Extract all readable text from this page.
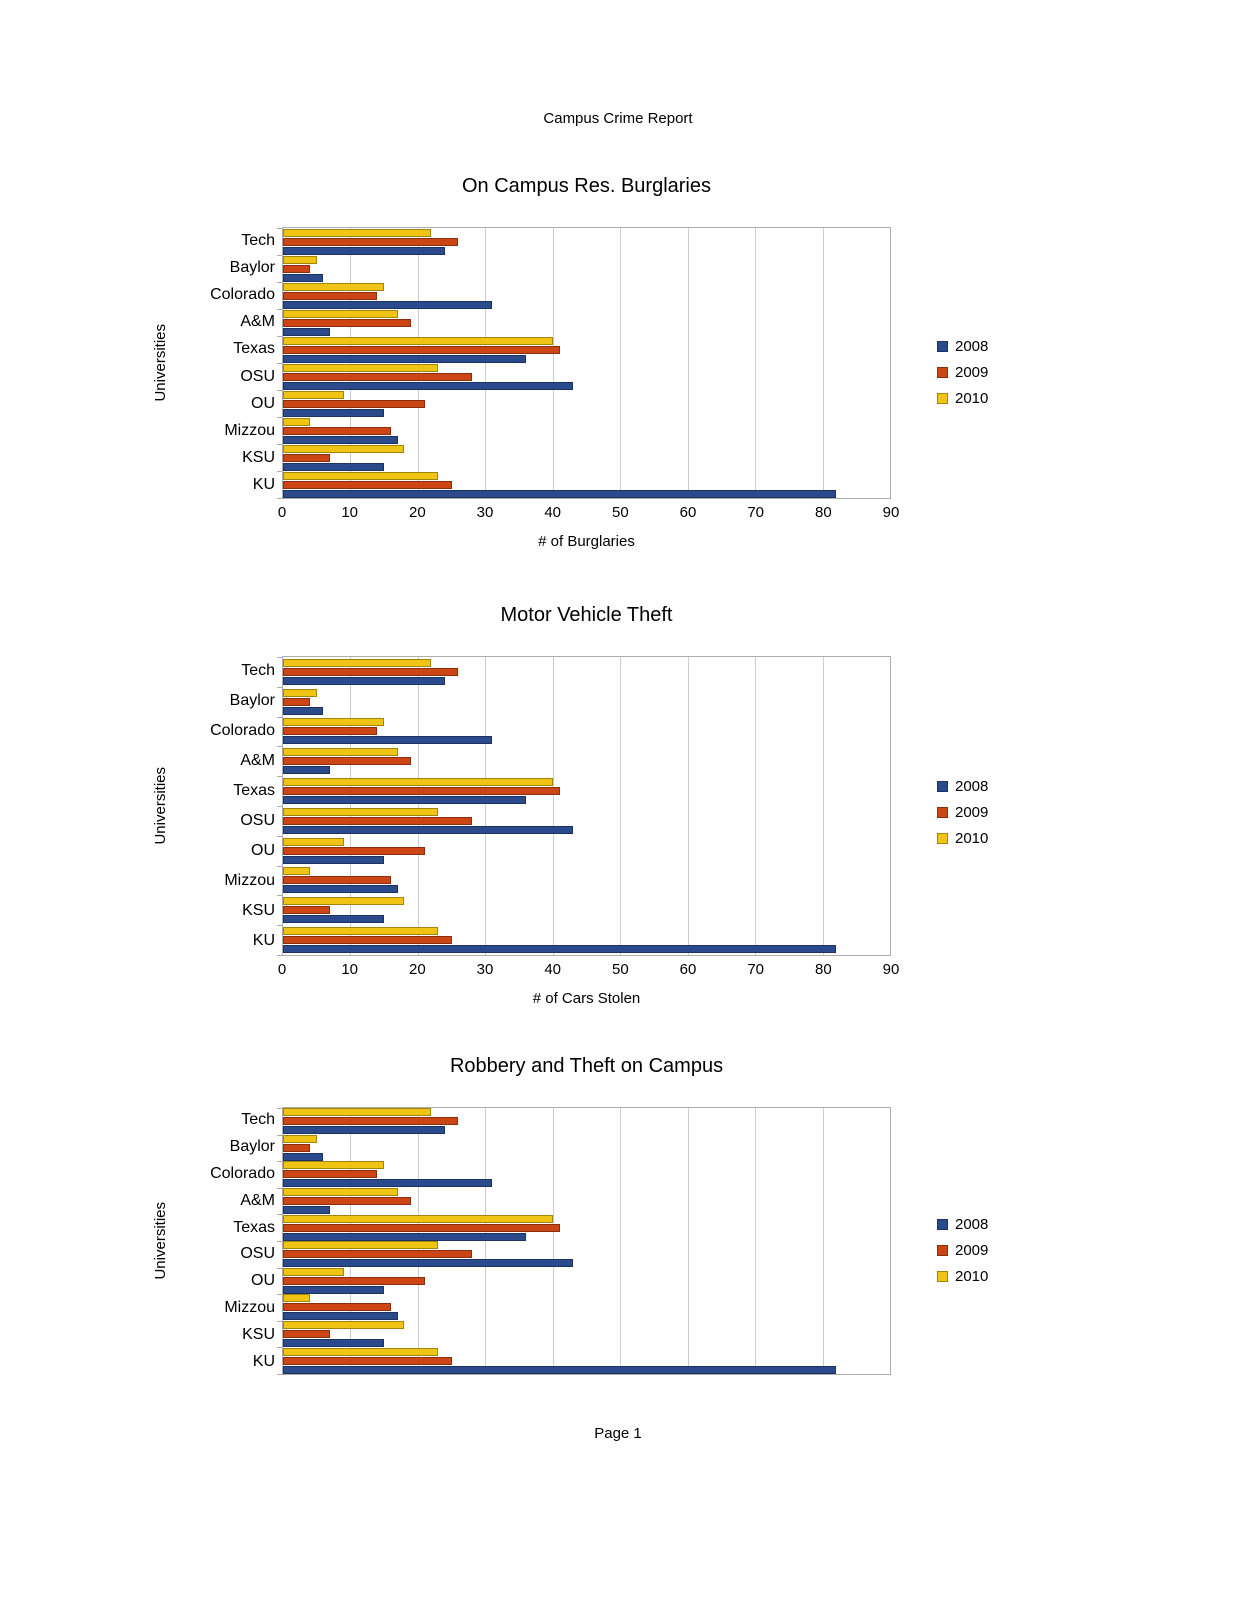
Campus Crime Report
On Campus Res. Burglaries
Universities
Tech
Baylor
Colorado
A&M
Texas
OSU
OU
Mizzou
KSU
KU
2008
2009
2010
0	10	20	30	40	50	60	70	80	90
# of Burglaries
Motor Vehicle Theft
Universities
Tech
Baylor
Colorado
A&M
Texas
OSU
OU
Mizzou
KSU
KU
2008
2009
2010
0	10	20	30	40	50	60	70	80	90
# of Cars Stolen
Robbery and Theft on Campus
Universities
Tech
Baylor
Colorado
A&M
Texas
OSU
OU
Mizzou
KSU
KU
2008
2009
2010
Page 1
